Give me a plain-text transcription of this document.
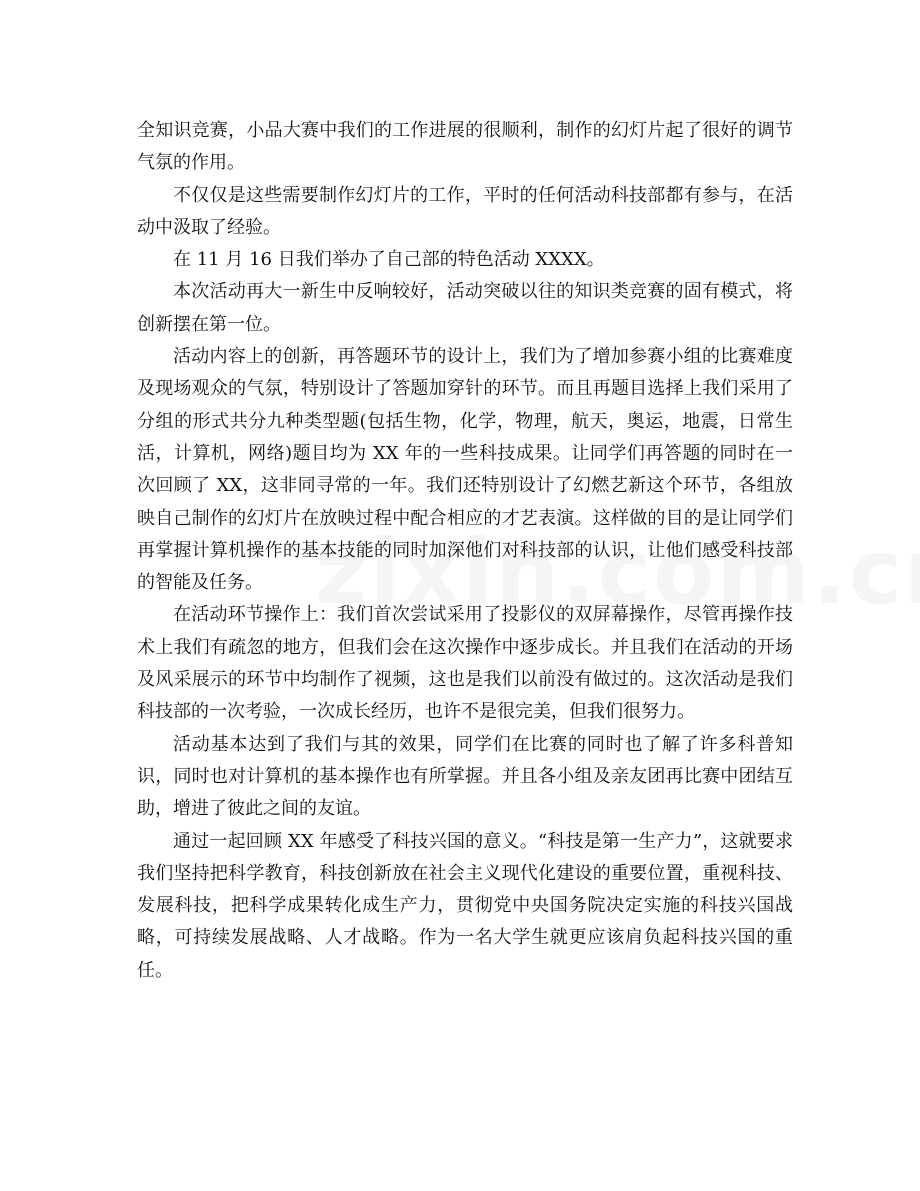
全知识竞赛，小品大赛中我们的工作进展的很顺利，制作的幻灯片起了很好的调节气氛的作用。

不仅仅是这些需要制作幻灯片的工作，平时的任何活动科技部都有参与，在活动中汲取了经验。

在 11 月 16 日我们举办了自己部的特色活动 XXXX。

本次活动再大一新生中反响较好，活动突破以往的知识类竞赛的固有模式，将创新摆在第一位。

活动内容上的创新，再答题环节的设计上，我们为了增加参赛小组的比赛难度及现场观众的气氛，特别设计了答题加穿针的环节。而且再题目选择上我们采用了分组的形式共分九种类型题(包括生物，化学，物理，航天，奥运，地震，日常生活，计算机，网络)题目均为 XX 年的一些科技成果。让同学们再答题的同时在一次回顾了 XX，这非同寻常的一年。我们还特别设计了幻燃艺新这个环节，各组放映自己制作的幻灯片在放映过程中配合相应的才艺表演。这样做的目的是让同学们再掌握计算机操作的基本技能的同时加深他们对科技部的认识，让他们感受科技部的智能及任务。

在活动环节操作上：我们首次尝试采用了投影仪的双屏幕操作，尽管再操作技术上我们有疏忽的地方，但我们会在这次操作中逐步成长。并且我们在活动的开场及风采展示的环节中均制作了视频，这也是我们以前没有做过的。这次活动是我们科技部的一次考验，一次成长经历，也许不是很完美，但我们很努力。

活动基本达到了我们与其的效果，同学们在比赛的同时也了解了许多科普知识，同时也对计算机的基本操作也有所掌握。并且各小组及亲友团再比赛中团结互助，增进了彼此之间的友谊。

通过一起回顾 XX 年感受了科技兴国的意义。“科技是第一生产力”，这就要求我们坚持把科学教育，科技创新放在社会主义现代化建设的重要位置，重视科技、发展科技，把科学成果转化成生产力，贯彻党中央国务院决定实施的科技兴国战略，可持续发展战略、人才战略。作为一名大学生就更应该肩负起科技兴国的重任。
